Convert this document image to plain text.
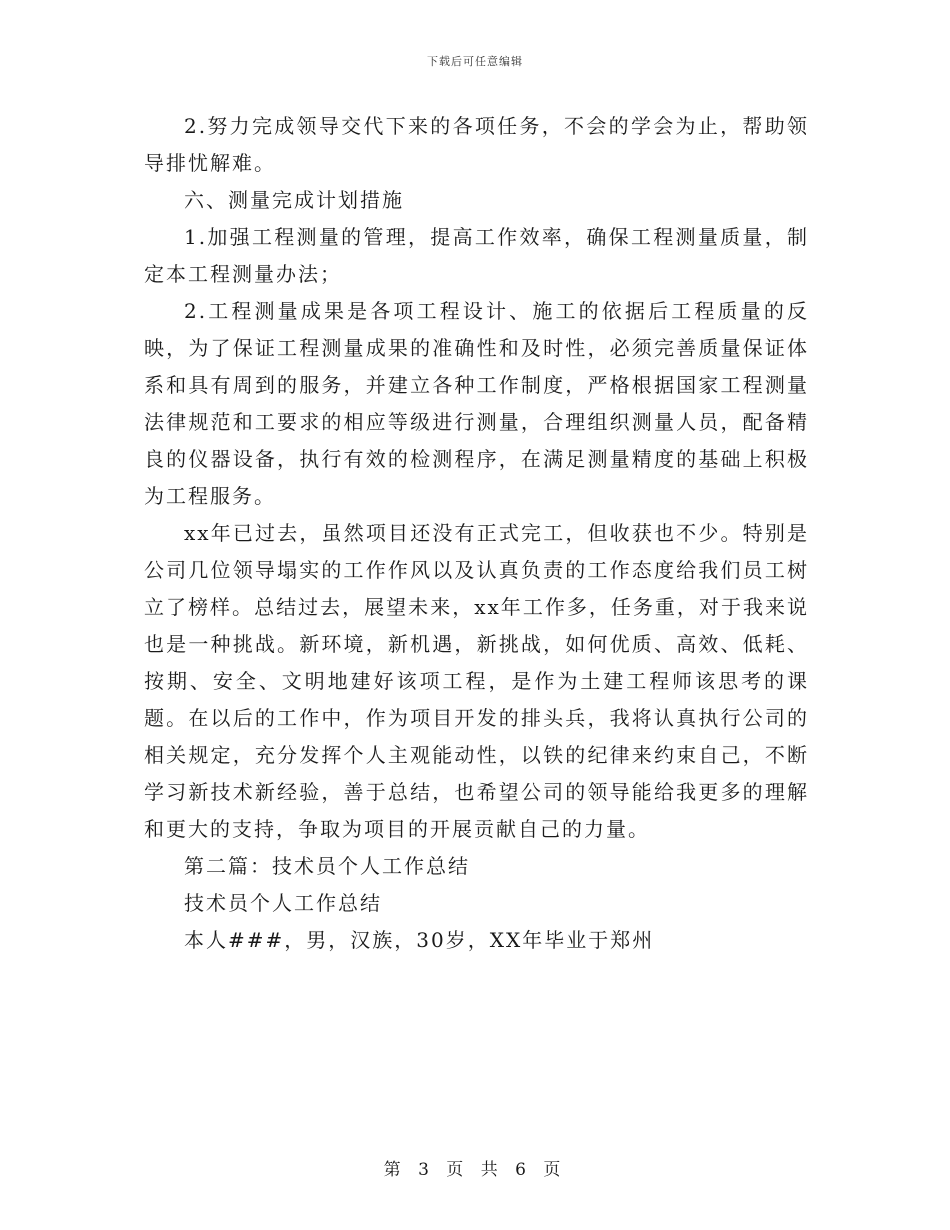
下载后可任意编辑

2.努力完成领导交代下来的各项任务，不会的学会为止，帮助领导排忧解难。

六、测量完成计划措施

1.加强工程测量的管理，提高工作效率，确保工程测量质量，制定本工程测量办法；

2.工程测量成果是各项工程设计、施工的依据后工程质量的反映，为了保证工程测量成果的准确性和及时性，必须完善质量保证体系和具有周到的服务，并建立各种工作制度，严格根据国家工程测量法律规范和工要求的相应等级进行测量，合理组织测量人员，配备精良的仪器设备，执行有效的检测程序，在满足测量精度的基础上积极为工程服务。

xx年已过去，虽然项目还没有正式完工，但收获也不少。特别是公司几位领导塌实的工作作风以及认真负责的工作态度给我们员工树立了榜样。总结过去，展望未来，xx年工作多，任务重，对于我来说也是一种挑战。新环境，新机遇，新挑战，如何优质、高效、低耗、按期、安全、文明地建好该项工程，是作为土建工程师该思考的课题。在以后的工作中，作为项目开发的排头兵，我将认真执行公司的相关规定，充分发挥个人主观能动性，以铁的纪律来约束自己，不断学习新技术新经验，善于总结，也希望公司的领导能给我更多的理解和更大的支持，争取为项目的开展贡献自己的力量。

第二篇：技术员个人工作总结

技术员个人工作总结

本人###，男，汉族，30岁，XX年毕业于郑州

第 3 页 共 6 页
